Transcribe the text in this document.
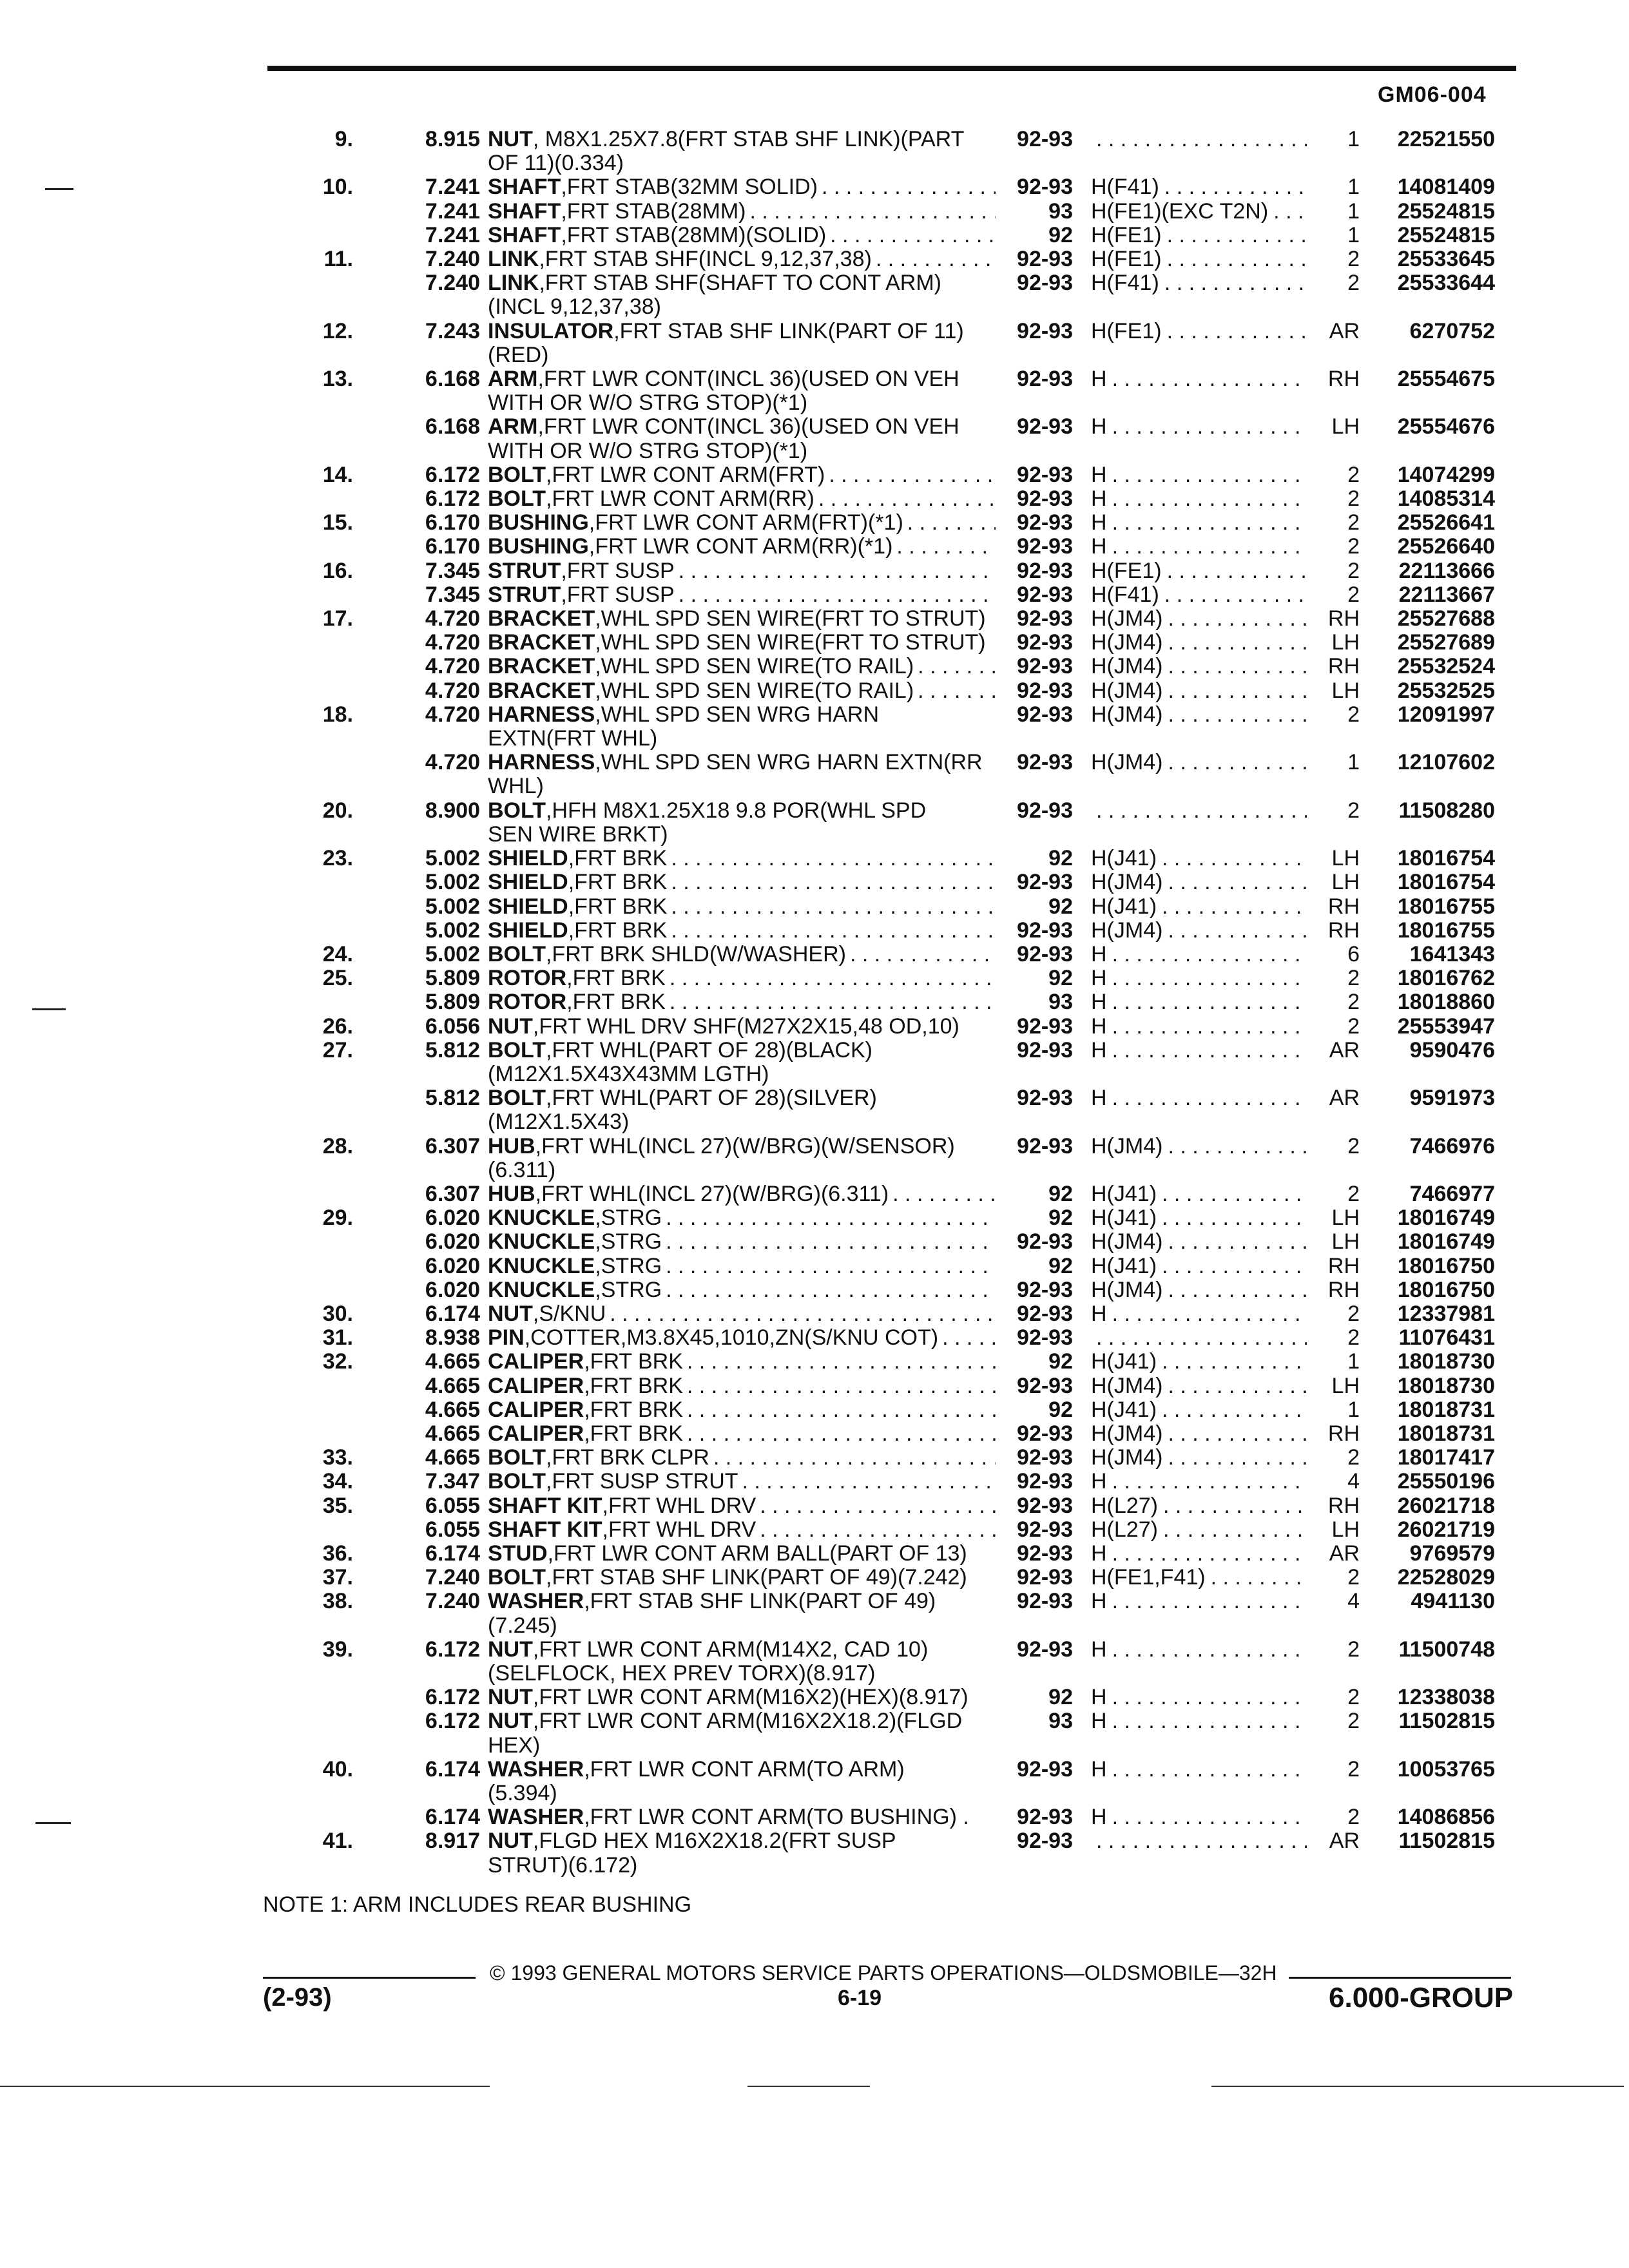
GM06-004
9.	8.915 NUT , M8X1.25X7.8(FRT STAB SHF LINK)(PART
OF 11)(0.334)
92-93 . . .	1	22521550
10.	7.241 SHAFT ,FRT STAB(32MM SOLID) . . .	92-93 H(F41) . . .	1	14081409
7.241 SHAFT ,FRT STAB(28MM) . . .	93 H(FE1)(EXC T2N) . . .	1	25524815
7.241 SHAFT ,FRT STAB(28MM)(SOLID) . . .	92 H(FE1) . . .	1	25524815
11.	7.240 LINK ,FRT STAB SHF(INCL 9,12,37,38) . . .	92-93 H(FE1) . . .	2	25533645
7.240 LINK ,FRT STAB SHF(SHAFT TO CONT ARM)
(INCL 9,12,37,38)
92-93 H(F41) . . .	2	25533644
12.	7.243 INSULATOR ,FRT STAB SHF LINK(PART OF 11)
(RED)
92-93 H(FE1) . . .	AR	6270752
13.	6.168 ARM ,FRT LWR CONT(INCL 36)(USED ON VEH
WITH OR W/O STRG STOP)(*1)
92-93 H . . .	RH	25554675
6.168 ARM ,FRT LWR CONT(INCL 36)(USED ON VEH
WITH OR W/O STRG STOP)(*1)
92-93 H . . .	LH	25554676
14.	6.172 BOLT ,FRT LWR CONT ARM(FRT) . . .	92-93 H . . .	2	14074299
6.172 BOLT ,FRT LWR CONT ARM(RR) . . .	92-93 H . . .	2	14085314
15.	6.170 BUSHING ,FRT LWR CONT ARM(FRT)(*1) . . .	92-93 H . . .	2	25526641
6.170 BUSHING ,FRT LWR CONT ARM(RR)(*1) . . .	92-93 H . . .	2	25526640
16.	7.345 STRUT ,FRT SUSP . . .	92-93 H(FE1) . . .	2	22113666
7.345 STRUT ,FRT SUSP . . .	92-93 H(F41) . . .	2	22113667
17.	4.720 BRACKET ,WHL SPD SEN WIRE(FRT TO STRUT)	92-93 H(JM4) . . .	RH	25527688
4.720 BRACKET ,WHL SPD SEN WIRE(FRT TO STRUT)	92-93 H(JM4) . . .	LH	25527689
4.720 BRACKET ,WHL SPD SEN WIRE(TO RAIL) . . .	92-93 H(JM4) . . .	RH	25532524
4.720 BRACKET ,WHL SPD SEN WIRE(TO RAIL) . . .	92-93 H(JM4) . . .	LH	25532525
18.	4.720 HARNESS ,WHL SPD SEN WRG HARN
EXTN(FRT WHL)
92-93 H(JM4) . . .	2	12091997
4.720 HARNESS ,WHL SPD SEN WRG HARN EXTN(RR
WHL)
92-93 H(JM4) . . .	1	12107602
20.	8.900 BOLT ,HFH M8X1.25X18 9.8 POR(WHL SPD
SEN WIRE BRKT)
92-93 . . .	2	11508280
23.	5.002 SHIELD ,FRT BRK . . .	92 H(J41) . . .	LH	18016754
5.002 SHIELD ,FRT BRK . . .	92-93 H(JM4) . . .	LH	18016754
5.002 SHIELD ,FRT BRK . . .	92 H(J41) . . .	RH	18016755
5.002 SHIELD ,FRT BRK . . .	92-93 H(JM4) . . .	RH	18016755
24.	5.002 BOLT ,FRT BRK SHLD(W/WASHER) . . .	92-93 H . . .	6	1641343
25.	5.809 ROTOR ,FRT BRK . . .	92 H . . .	2	18016762
5.809 ROTOR ,FRT BRK . . .	93 H . . .	2	18018860
26.	6.056 NUT ,FRT WHL DRV SHF(M27X2X15,48 OD,10)	92-93 H . . .	2	25553947
27.	5.812 BOLT ,FRT WHL(PART OF 28)(BLACK)
(M12X1.5X43X43MM LGTH)
92-93 H . . .	AR	9590476
5.812 BOLT ,FRT WHL(PART OF 28)(SILVER)
(M12X1.5X43)
92-93 H . . .	AR	9591973
28.	6.307 HUB ,FRT WHL(INCL 27)(W/BRG)(W/SENSOR)
(6.311)
92-93 H(JM4) . . .	2	7466976
6.307 HUB ,FRT WHL(INCL 27)(W/BRG)(6.311) . . .	92 H(J41) . . .	2	7466977
29.	6.020 KNUCKLE ,STRG . . .	92 H(J41) . . .	LH	18016749
6.020 KNUCKLE ,STRG . . .	92-93 H(JM4) . . .	LH	18016749
6.020 KNUCKLE ,STRG . . .	92 H(J41) . . .	RH	18016750
6.020 KNUCKLE ,STRG . . .	92-93 H(JM4) . . .	RH	18016750
30.	6.174 NUT ,S/KNU . . .	92-93 H . . .	2	12337981
31.	8.938 PIN ,COTTER,M3.8X45,1010,ZN(S/KNU COT) . . .	92-93 . . .	2	11076431
32.	4.665 CALIPER ,FRT BRK . . .	92 H(J41) . . .	1	18018730
4.665 CALIPER ,FRT BRK . . .	92-93 H(JM4) . . .	LH	18018730
4.665 CALIPER ,FRT BRK . . .	92 H(J41) . . .	1	18018731
4.665 CALIPER ,FRT BRK . . .	92-93 H(JM4) . . .	RH	18018731
33.	4.665 BOLT ,FRT BRK CLPR . . .	92-93 H(JM4) . . .	2	18017417
34.	7.347 BOLT ,FRT SUSP STRUT . . .	92-93 H . . .	4	25550196
35.	6.055 SHAFT KIT ,FRT WHL DRV . . .	92-93 H(L27) . . .	RH	26021718
6.055 SHAFT KIT ,FRT WHL DRV . . .	92-93 H(L27) . . .	LH	26021719
36.	6.174 STUD ,FRT LWR CONT ARM BALL(PART OF 13)	92-93 H . . .	AR	9769579
37.	7.240 BOLT ,FRT STAB SHF LINK(PART OF 49)(7.242)	92-93 H(FE1,F41) . . .	2	22528029
38.	7.240 WASHER ,FRT STAB SHF LINK(PART OF 49)
(7.245)
92-93 H . . .	4	4941130
39.	6.172 NUT ,FRT LWR CONT ARM(M14X2, CAD 10)
(SELFLOCK, HEX PREV TORX)(8.917)
92-93 H . . .	2	11500748
6.172 NUT ,FRT LWR CONT ARM(M16X2)(HEX)(8.917)	92 H . . .	2	12338038
6.172 NUT ,FRT LWR CONT ARM(M16X2X18.2)(FLGD
HEX)
93 H . . .	2	11502815
40.	6.174 WASHER ,FRT LWR CONT ARM(TO ARM)
(5.394)
92-93 H . . .	2	10053765
6.174 WASHER ,FRT LWR CONT ARM(TO BUSHING) .	92-93 H . . .	2	14086856
41.	8.917 NUT ,FLGD HEX M16X2X18.2(FRT SUSP
STRUT)(6.172)
92-93 . . .	AR	11502815
NOTE 1: ARM INCLUDES REAR BUSHING
© 1993 GENERAL MOTORS SERVICE PARTS OPERATIONS—OLDSMOBILE—32H
(2-93)	6-19	6.000-GROUP
